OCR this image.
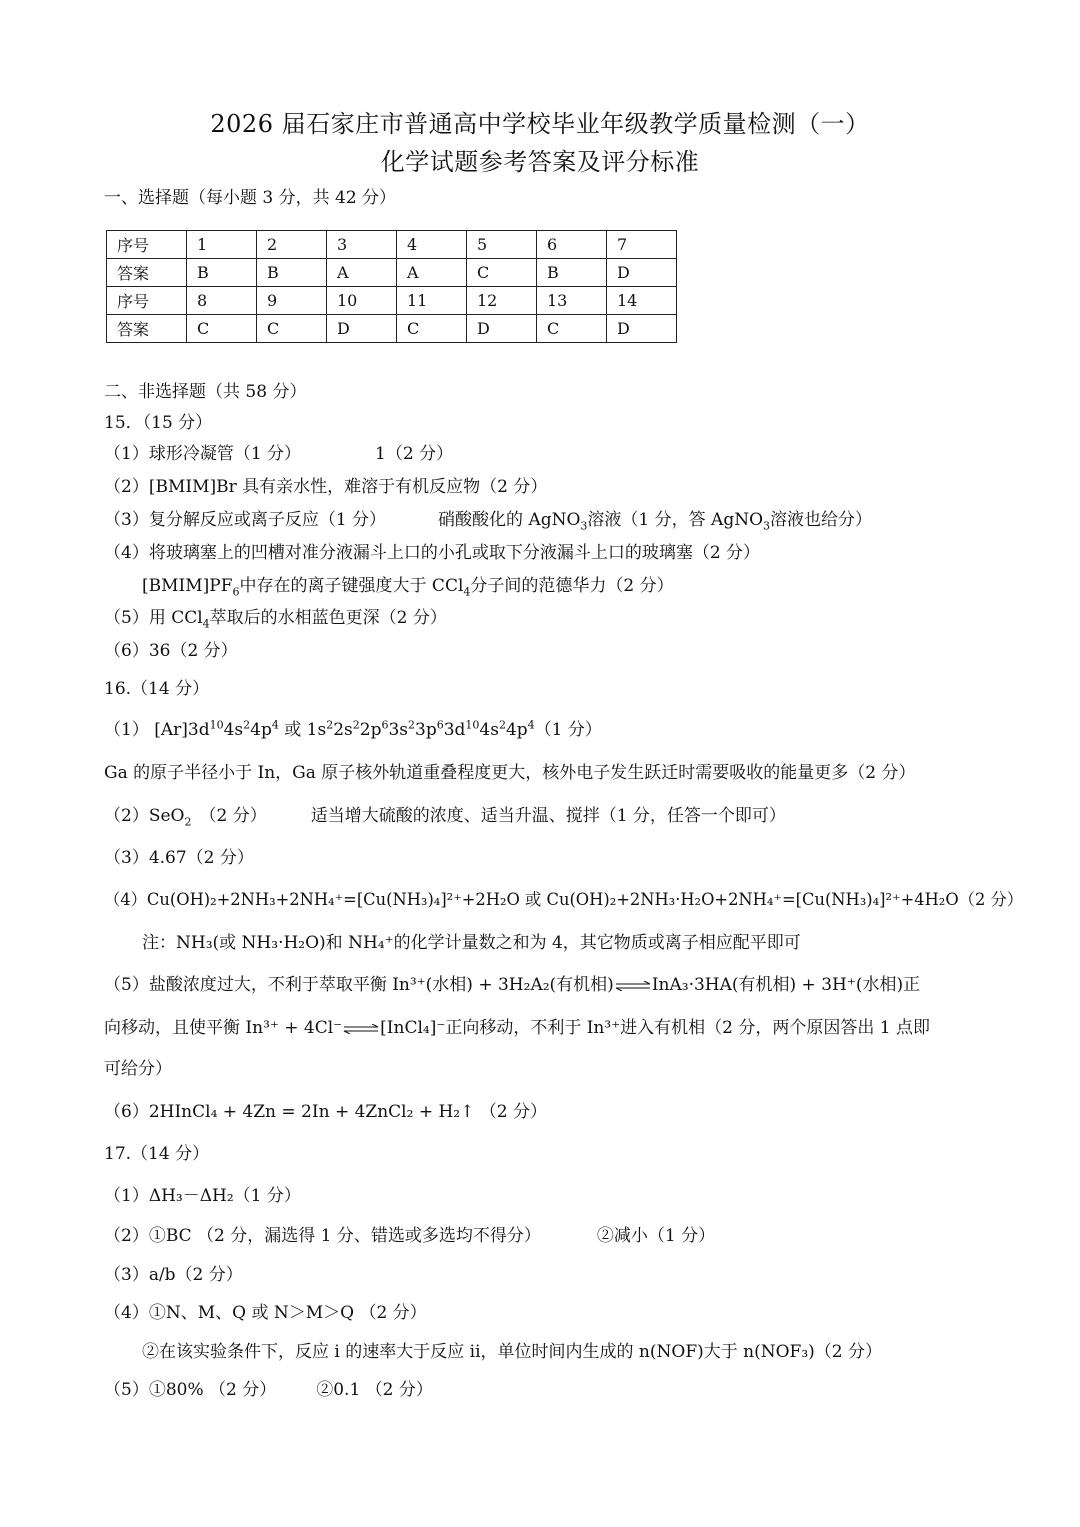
2026 届石家庄市普通高中学校毕业年级教学质量检测（一）
化学试题参考答案及评分标准
一、选择题（每小题 3 分，共 42 分）
序号	1	2	3	4	5	6	7
答案	B	B	A	A	C	B	D
序号	8	9	10	11	12	13	14
答案	C	C	D	C	D	C	D
二、非选择题（共 58 分）
15．（15 分）
（1）球形冷凝管（1 分）	1（2 分）
（2）[BMIM]Br 具有亲水性，难溶于有机反应物（2 分）
（3）复分解反应或离子反应（1 分）	硝酸酸化的 AgNO$_3$溶液（1 分，答 AgNO$_3$溶液也给分）
（4）将玻璃塞上的凹槽对准分液漏斗上口的小孔或取下分液漏斗上口的玻璃塞（2 分）
$[BMIM]PF_6$中存在的离子键强度大于 CCl$_4$分子间的范德华力（2 分）
（5）用 CCl$_4$萃取后的水相蓝色更深（2 分）
（6）36（2 分）
16.（14 分）
（1） $[Ar]3d^{10}4s^24p^4$ 或 $1s^22s^22p^63s^23p^63d^{10}4s^24p^4(1$ 分）
Ga 的原子半径小于 In，Ga 原子核外轨道重叠程度更大，核外电子发生跃迁时需要吸收的能量更多（2 分）
（2）SeO$_2$ （2 分）	适当增大硫酸的浓度、适当升温、搅拌（1 分，任答一个即可）
（3）4.67（2 分）
（4）Cu(OH)₂+2NH₃+2NH₄⁺=[Cu(NH₃)₄]²⁺+2H₂O 或 Cu(OH)₂+2NH₃·H₂O+2NH₄⁺=[Cu(NH₃)₄]²⁺+4H₂O（2 分）
注：NH₃(或 NH₃·H₂O)和 NH₄⁺的化学计量数之和为 4，其它物质或离子相应配平即可
（5）盐酸浓度过大，不利于萃取平衡 In³⁺(水相) + 3H₂A₂(有机相)⇌InA₃·3HA(有机相) + 3H⁺(水相)正
向移动，且使平衡 In³⁺ + 4Cl⁻⇌[InCl₄]⁻正向移动，不利于 In³⁺进入有机相（2 分，两个原因答出 1 点即
可给分）
（6）2HInCl₄ + 4Zn = 2In + 4ZnCl₂ + H₂↑ （2 分）
17.（14 分）
（1）ΔH₃－ΔH₂（1 分）
（2）①BC （2 分，漏选得 1 分、错选或多选均不得分）	②减小（1 分）
（3）a/b（2 分）
（4）①N、M、Q 或 N＞M＞Q （2 分）
②在该实验条件下，反应 i 的速率大于反应 ii，单位时间内生成的 n(NOF)大于 n(NOF₃)（2 分）
（5）①80% （2 分） ②0.1 （2 分）
